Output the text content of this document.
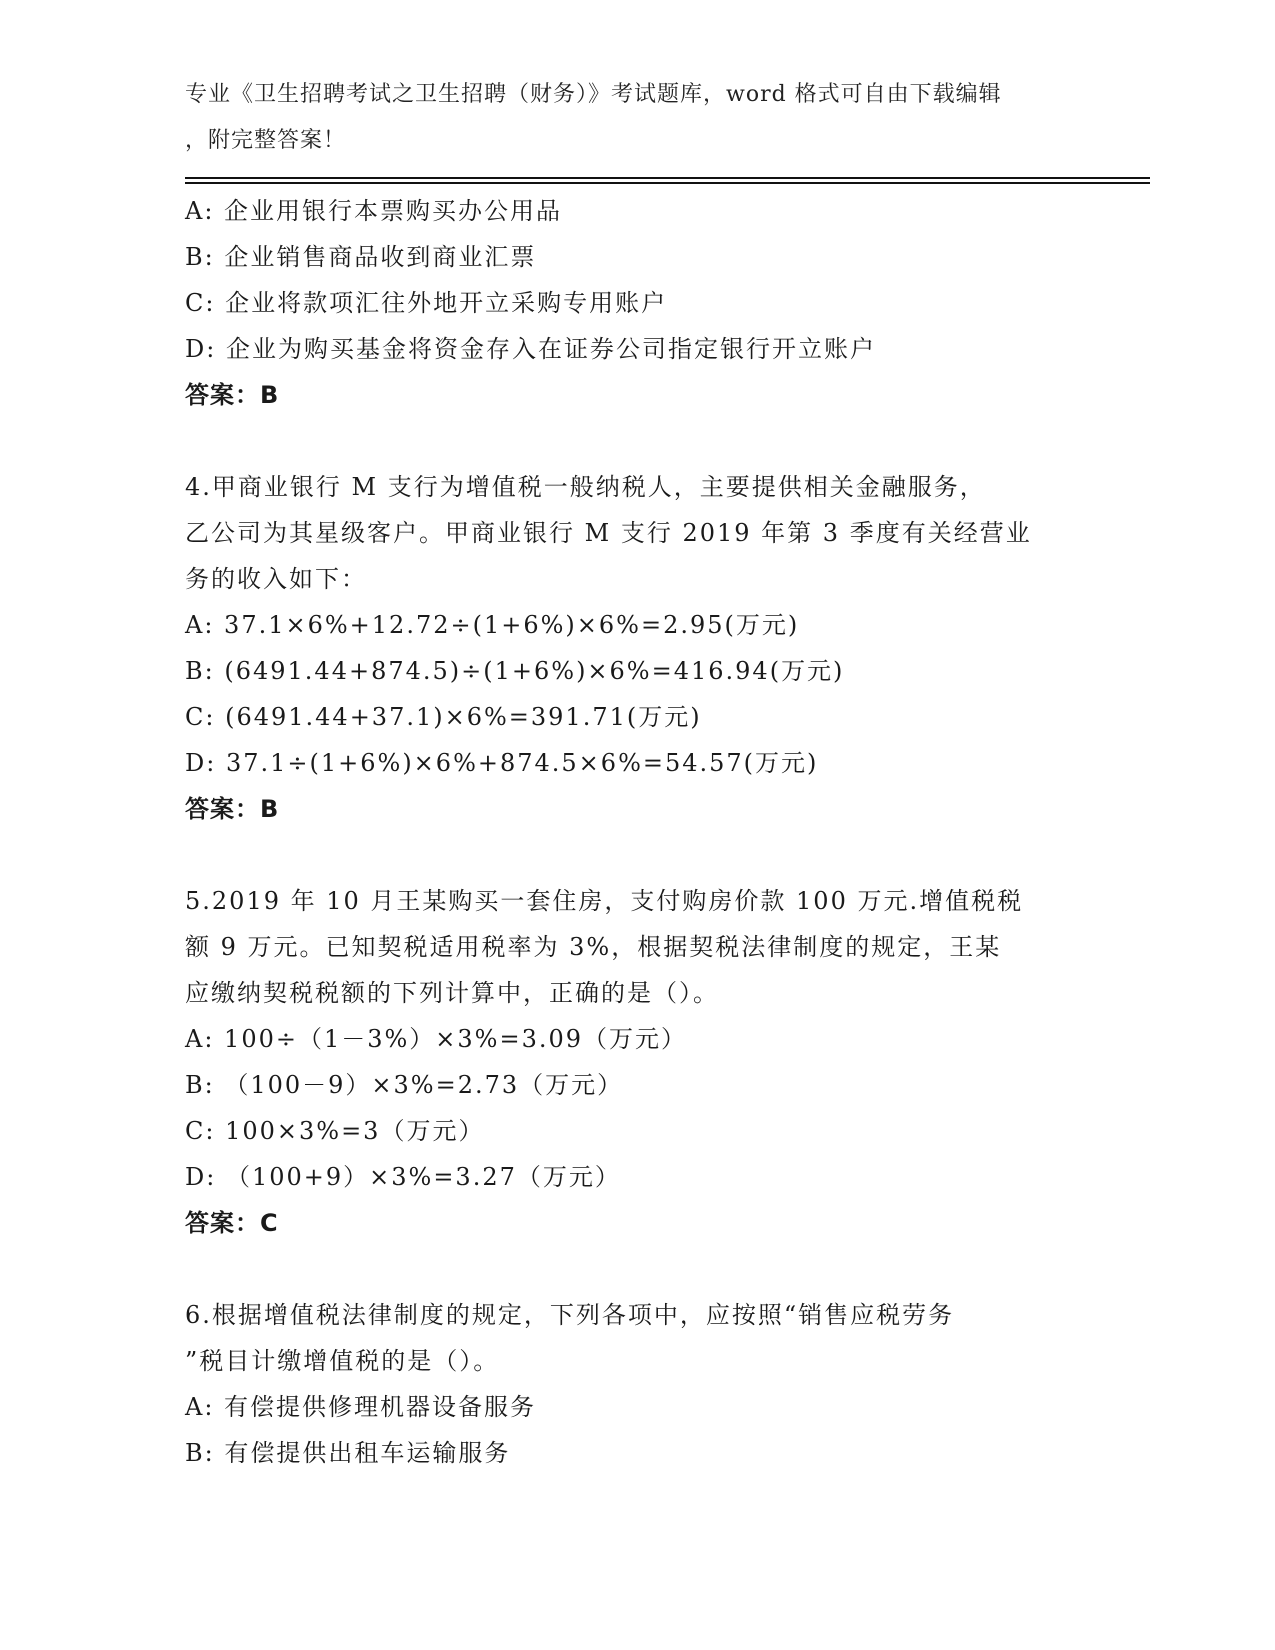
专业《卫生招聘考试之卫生招聘（财务）》考试题库，word 格式可自由下载编辑
，附完整答案！
A: 企业用银行本票购买办公用品
B: 企业销售商品收到商业汇票
C: 企业将款项汇往外地开立采购专用账户
D: 企业为购买基金将资金存入在证券公司指定银行开立账户
答案：B
4.甲商业银行 M 支行为增值税一般纳税人，主要提供相关金融服务，
乙公司为其星级客户。甲商业银行 M 支行 2019 年第 3 季度有关经营业
务的收入如下：
A: 37.1×6%+12.72÷(1+6%)×6%=2.95(万元)
B: (6491.44+874.5)÷(1+6%)×6%=416.94(万元)
C: (6491.44+37.1)×6%=391.71(万元)
D: 37.1÷(1+6%)×6%+874.5×6%=54.57(万元)
答案：B
5.2019 年 10 月王某购买一套住房，支付购房价款 100 万元.增值税税
额 9 万元。已知契税适用税率为 3%，根据契税法律制度的规定，王某
应缴纳契税税额的下列计算中，正确的是（）。
A: 100÷（1－3%）×3%=3.09（万元）
B: （100－9）×3%=2.73（万元）
C: 100×3%=3（万元）
D: （100+9）×3%=3.27（万元）
答案：C
6.根据增值税法律制度的规定，下列各项中，应按照“销售应税劳务
”税目计缴增值税的是（）。
A: 有偿提供修理机器设备服务
B: 有偿提供出租车运输服务
